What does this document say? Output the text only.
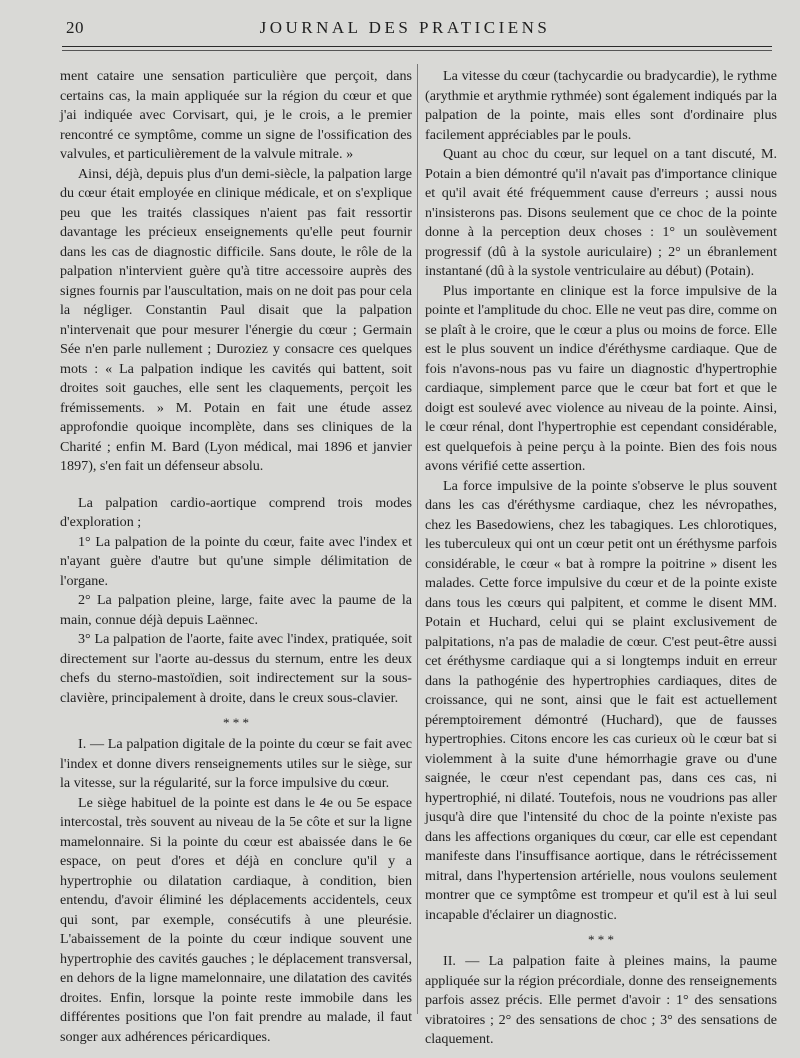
20	JOURNAL DES PRATICIENS

ment cataire une sensation particulière que perçoit, dans certains cas, la main appliquée sur la région du cœur et que j'ai indiquée avec Corvisart, qui, je le crois, a le premier rencontré ce symptôme, comme un signe de l'ossification des valvules, et particulièrement de la valvule mitrale. »

Ainsi, déjà, depuis plus d'un demi-siècle, la palpation large du cœur était employée en clinique médicale, et on s'explique peu que les traités classiques n'aient pas fait ressortir davantage les précieux enseignements qu'elle peut fournir dans les cas de diagnostic difficile. Sans doute, le rôle de la palpation n'intervient guère qu'à titre accessoire auprès des signes fournis par l'auscultation, mais on ne doit pas pour cela la négliger. Constantin Paul disait que la palpation n'intervenait que pour mesurer l'énergie du cœur ; Germain Sée n'en parle nullement ; Duroziez y consacre ces quelques mots : « La palpation indique les cavités qui battent, soit droites soit gauches, elle sent les claquements, perçoit les frémissements. » M. Potain en fait une étude assez approfondie quoique incomplète, dans ses cliniques de la Charité ; enfin M. Bard (Lyon médical, mai 1896 et janvier 1897), s'en fait un défenseur absolu.

La palpation cardio-aortique comprend trois modes d'exploration ;

1° La palpation de la pointe du cœur, faite avec l'index et n'ayant guère d'autre but qu'une simple délimitation de l'organe.

2° La palpation pleine, large, faite avec la paume de la main, connue déjà depuis Laënnec.

3° La palpation de l'aorte, faite avec l'index, pratiquée, soit directement sur l'aorte au-dessus du sternum, entre les deux chefs du sterno-mastoïdien, soit indirectement sur la sous-clavière, principalement à droite, dans le creux sous-clavier.

* * *

I. — La palpation digitale de la pointe du cœur se fait avec l'index et donne divers renseignements utiles sur le siège, sur la vitesse, sur la régularité, sur la force impulsive du cœur.

Le siège habituel de la pointe est dans le 4e ou 5e espace intercostal, très souvent au niveau de la 5e côte et sur la ligne mamelonnaire. Si la pointe du cœur est abaissée dans le 6e espace, on peut d'ores et déjà en conclure qu'il y a hypertrophie ou dilatation cardiaque, à condition, bien entendu, d'avoir éliminé les déplacements accidentels, ceux qui sont, par exemple, consécutifs à une pleurésie. L'abaissement de la pointe du cœur indique souvent une hypertrophie des cavités gauches ; le déplacement transversal, en dehors de la ligne mamelonnaire, une dilatation des cavités droites. Enfin, lorsque la pointe reste immobile dans les différentes positions que l'on fait prendre au malade, il faut songer aux adhérences péricardiques.

La vitesse du cœur (tachycardie ou bradycardie), le rythme (arythmie et arythmie rythmée) sont également indiqués par la palpation de la pointe, mais elles sont d'ordinaire plus facilement appréciables par le pouls.

Quant au choc du cœur, sur lequel on a tant discuté, M. Potain a bien démontré qu'il n'avait pas d'importance clinique et qu'il avait été fréquemment cause d'erreurs ; aussi nous n'insisterons pas. Disons seulement que ce choc de la pointe donne à la perception deux choses : 1° un soulèvement progressif (dû à la systole auriculaire) ; 2° un ébranlement instantané (dû à la systole ventriculaire au début) (Potain).

Plus importante en clinique est la force impulsive de la pointe et l'amplitude du choc. Elle ne veut pas dire, comme on se plaît à le croire, que le cœur a plus ou moins de force. Elle est le plus souvent un indice d'éréthysme cardiaque. Que de fois n'avons-nous pas vu faire un diagnostic d'hypertrophie cardiaque, simplement parce que le cœur bat fort et que le doigt est soulevé avec violence au niveau de la pointe. Ainsi, le cœur rénal, dont l'hypertrophie est cependant considérable, est quelquefois à peine perçu à la pointe. Bien des fois nous avons vérifié cette assertion.

La force impulsive de la pointe s'observe le plus souvent dans les cas d'éréthysme cardiaque, chez les névropathes, chez les Basedowiens, chez les tabagiques. Les chlorotiques, les tuberculeux qui ont un cœur petit ont un éréthysme parfois considérable, le cœur « bat à rompre la poitrine » disent les malades. Cette force impulsive du cœur et de la pointe existe dans tous les cœurs qui palpitent, et comme le disent MM. Potain et Huchard, celui qui se plaint exclusivement de palpitations, n'a pas de maladie de cœur. C'est peut-être aussi cet éréthysme cardiaque qui a si longtemps induit en erreur dans la pathogénie des hypertrophies cardiaques, dites de croissance, qui ne sont, ainsi que le fait est actuellement péremptoirement démontré (Huchard), que de fausses hypertrophies. Citons encore les cas curieux où le cœur bat si violemment à la suite d'une hémorrhagie grave ou d'une saignée, le cœur n'est cependant pas, dans ces cas, ni hypertrophié, ni dilaté. Toutefois, nous ne voudrions pas aller jusqu'à dire que l'intensité du choc de la pointe n'existe pas dans les affections organiques du cœur, car elle est cependant manifeste dans l'insuffisance aortique, dans le rétrécissement mitral, dans l'hypertension artérielle, nous voulons seulement montrer que ce symptôme est trompeur et qu'il est à lui seul incapable d'éclairer un diagnostic.

* * *

II. — La palpation faite à pleines mains, la paume appliquée sur la région précordiale, donne des renseignements parfois assez précis. Elle permet d'avoir : 1° des sensations vibratoires ; 2° des sensations de choc ; 3° des sensations de claquement.
